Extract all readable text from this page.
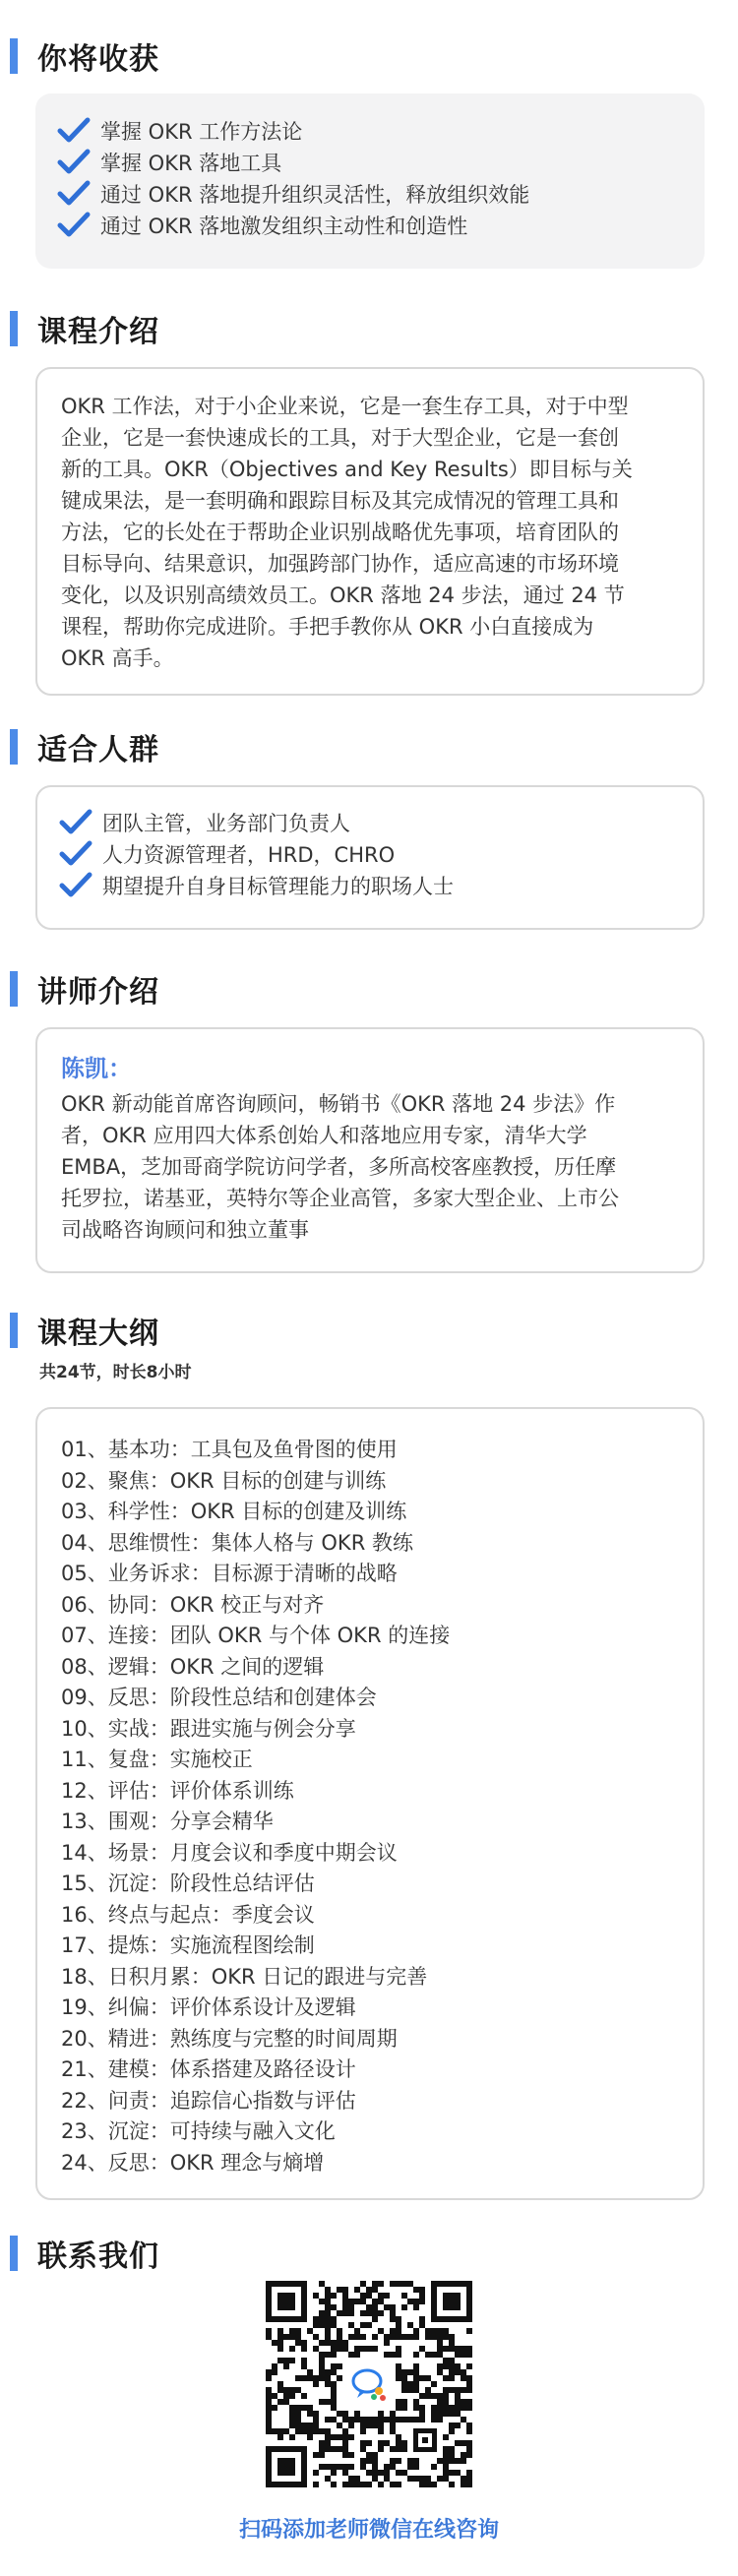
你将收获
掌握 OKR 工作方法论
掌握 OKR 落地工具
通过 OKR 落地提升组织灵活性，释放组织效能
通过 OKR 落地激发组织主动性和创造性
课程介绍
OKR 工作法，对于小企业来说，它是一套生存工具，对于中型
企业，它是一套快速成长的工具，对于大型企业，它是一套创
新的工具。OKR（Objectives and Key Results）即目标与关
键成果法，是一套明确和跟踪目标及其完成情况的管理工具和
方法，它的长处在于帮助企业识别战略优先事项，培育团队的
目标导向、结果意识，加强跨部门协作，适应高速的市场环境
变化，以及识别高绩效员工。OKR 落地 24 步法，通过 24 节
课程，帮助你完成进阶。手把手教你从 OKR 小白直接成为
OKR 高手。
适合人群
团队主管，业务部门负责人
人力资源管理者，HRD，CHRO
期望提升自身目标管理能力的职场人士
讲师介绍
陈凯：
OKR 新动能首席咨询顾问，畅销书《OKR 落地 24 步法》作
者，OKR 应用四大体系创始人和落地应用专家，清华大学
EMBA，芝加哥商学院访问学者，多所高校客座教授，历任摩
托罗拉，诺基亚，英特尔等企业高管，多家大型企业、上市公
司战略咨询顾问和独立董事
课程大纲
共24节，时长8小时
01、基本功：工具包及鱼骨图的使用
02、聚焦：OKR 目标的创建与训练
03、科学性：OKR 目标的创建及训练
04、思维惯性：集体人格与 OKR 教练
05、业务诉求：目标源于清晰的战略
06、协同：OKR 校正与对齐
07、连接：团队 OKR 与个体 OKR 的连接
08、逻辑：OKR 之间的逻辑
09、反思：阶段性总结和创建体会
10、实战：跟进实施与例会分享
11、复盘：实施校正
12、评估：评价体系训练
13、围观：分享会精华
14、场景：月度会议和季度中期会议
15、沉淀：阶段性总结评估
16、终点与起点：季度会议
17、提炼：实施流程图绘制
18、日积月累：OKR 日记的跟进与完善
19、纠偏：评价体系设计及逻辑
20、精进：熟练度与完整的时间周期
21、建模：体系搭建及路径设计
22、问责：追踪信心指数与评估
23、沉淀：可持续与融入文化
24、反思：OKR 理念与熵增
联系我们
扫码添加老师微信在线咨询
